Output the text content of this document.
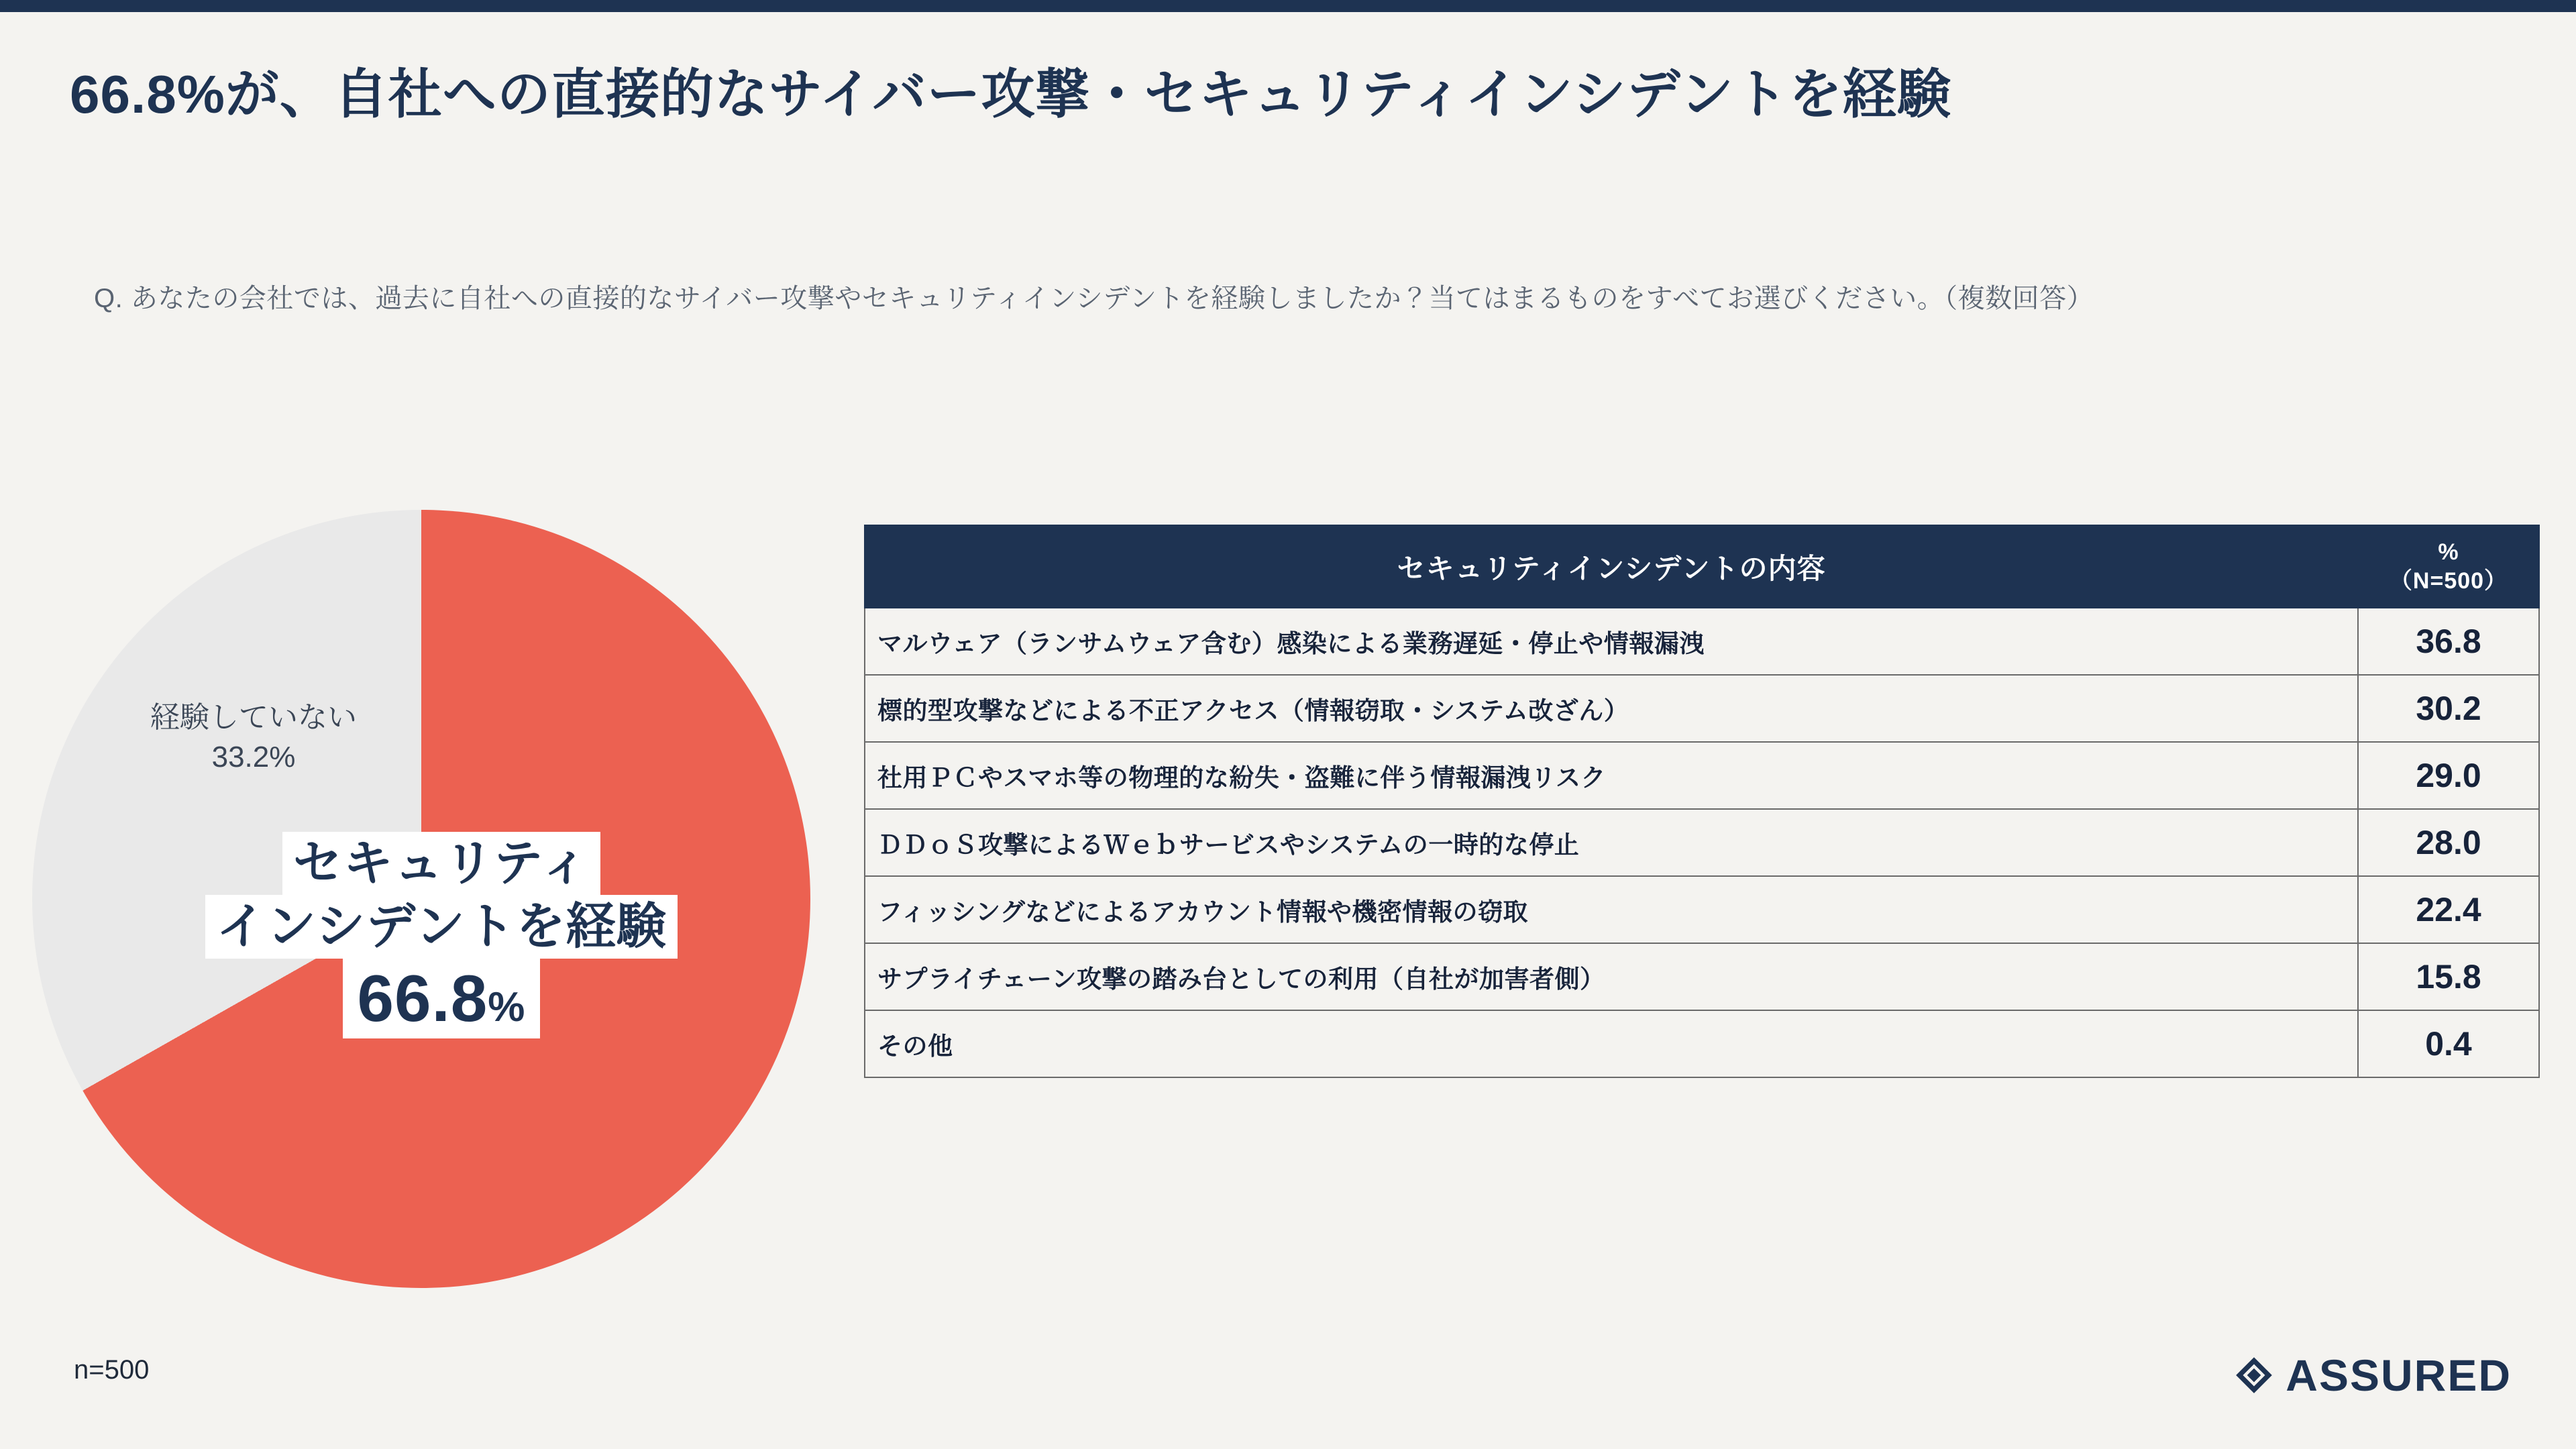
66.8%が、自社への直接的なサイバー攻撃・セキュリティインシデントを経験
Q. あなたの会社では、過去に自社への直接的なサイバー攻撃やセキュリティインシデントを経験しましたか？当てはまるものをすべてお選びください。（複数回答）
経験していない
33.2%
セキュリティ
インシデントを経験
66.8%
セキュリティインシデントの内容	%
（N=500）

マルウェア（ランサムウェア含む）感染による業務遅延・停止や情報漏洩	36.8
標的型攻撃などによる不正アクセス（情報窃取・システム改ざん）	30.2
社用ＰＣやスマホ等の物理的な紛失・盗難に伴う情報漏洩リスク	29.0
ＤＤｏＳ攻撃によるＷｅｂサービスやシステムの一時的な停止	28.0
フィッシングなどによるアカウント情報や機密情報の窃取	22.4
サプライチェーン攻撃の踏み台としての利用（自社が加害者側）	15.8
その他	0.4
n=500	ASSURED
